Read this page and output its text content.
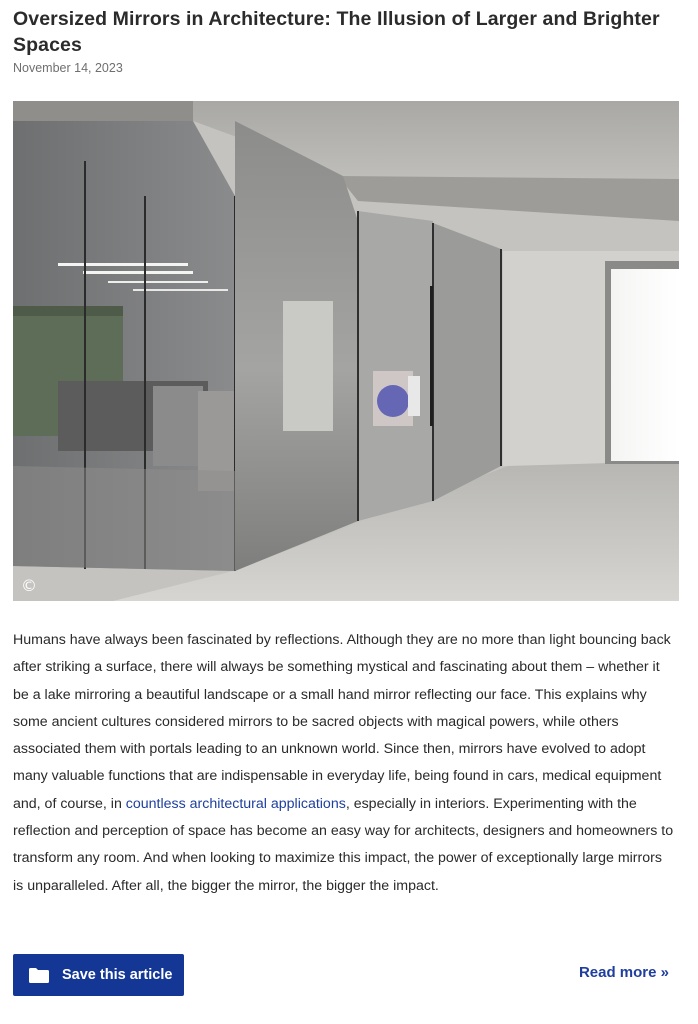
Oversized Mirrors in Architecture: The Illusion of Larger and Brighter Spaces
November 14, 2023
©

Humans have always been fascinated by reflections. Although they are no more than light bouncing back after striking a surface, there will always be something mystical and fascinating about them – whether it be a lake mirroring a beautiful landscape or a small hand mirror reflecting our face. This explains why some ancient cultures considered mirrors to be sacred objects with magical powers, while others associated them with portals leading to an unknown world. Since then, mirrors have evolved to adopt many valuable functions that are indispensable in everyday life, being found in cars, medical equipment and, of course, in countless architectural applications, especially in interiors. Experimenting with the reflection and perception of space has become an easy way for architects, designers and homeowners to transform any room. And when looking to maximize this impact, the power of exceptionally large mirrors is unparalleled. After all, the bigger the mirror, the bigger the impact.

Save this article	Read more »
